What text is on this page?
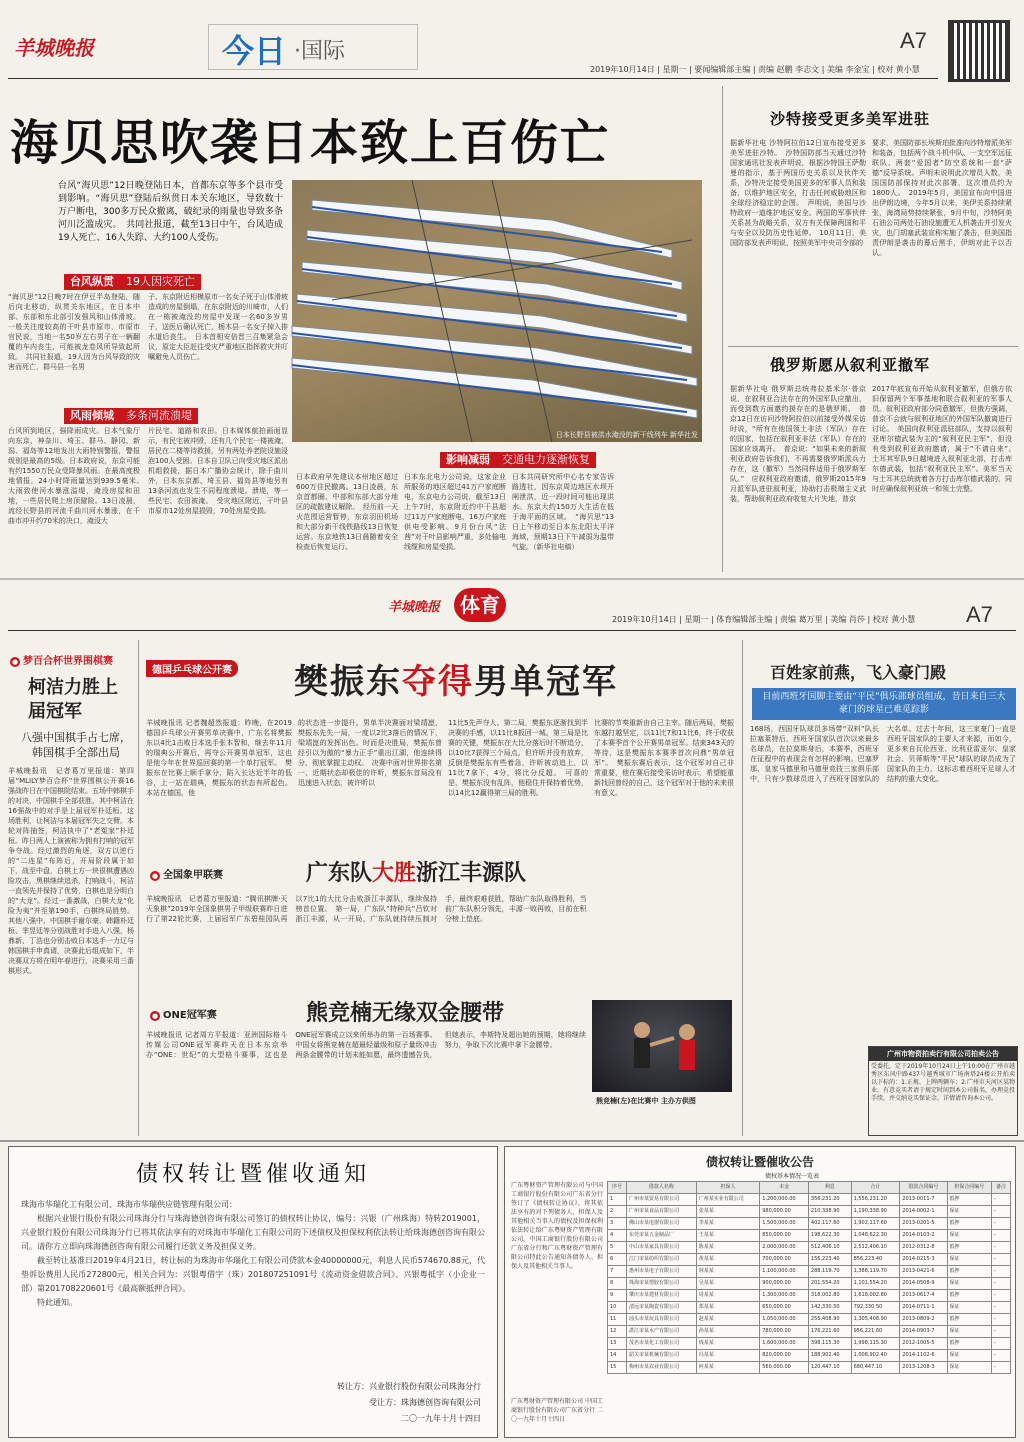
羊城晚报	今日 ·国际	A7
2019年10月14日 | 星期一 | 要闻编辑部主编 | 责编 赵鹏 李志文 | 美编 李金宝 | 校对 黄小慧
海贝思吹袭日本致上百伤亡
台风“海贝思”12日晚登陆日本，首都东京等多个县市受到影响。“海贝思”登陆后纵贯日本关东地区，导致数十万户断电，300多万民众撤离，破纪录的雨量也导致多条河川泛滥成灾。　共同社报道，截至13日中午，台风造成19人死亡、16人失踪、大约100人受伤。
台风纵贯 19人因灾死亡
“海贝思”12日晚7时在伊豆半岛登陆，随后向北移动，纵贯关东地区，在日本中部、东部和东北部引发强风和山体滑坡。一般关注度较高的干叶县市原市，市原市官民说，当地一名50岁左右男子在一辆翻覆的车内丧生，可能被龙卷风所导致起所致。　共同社报道，19人因为台风导致的灾害而死亡，群马县一名男
子、东京附近相模原市一名女子死于山体滑坡造成的房屋倒塌，在东京附近的川崎市，人们在一栋被淹没的房屋中发现一名60多岁男子，送医后确认死亡，栃木县一名女子掉入排水道后丧生。　日本首相安倍晋三召集紧急会议，原定大臣赶往受灾严重地区指挥救灾并叮嘱避免人员伤亡。
风雨倾城 多条河流溃堤
台风所到地区，强降雨成灾。日本气象厅向东京、神奈川、埼玉、群马、静冈、新潟、福岛等12地发出大雨特别警报，警报级别是最高的5级。日本政府说，东京可能有约1550万民众受降暴风雨。在最高度极地情报，24小时降雨量达到939.5毫米。　大雨致使河水暴涨溢堤，淹没房屋和田地，一些居民爬上房顶避险。13日凌晨，流经长野县的河流千曲川河水暴涨，在千曲市冲开约70米的决口，淹没大
片民宅、道路和农田。日本媒体航拍画面显示，有民宅被冲毁，还有几个民宅一楼被淹，居民在二楼等待救援，另有两处养老院设施浸泡100人受困。日本自卫队已向受灾地区派出机组救援，据日本广播协会统计，除千曲川外，日本东京都、埼玉县、福岛县等地另有13条河流也发生不同程度溃堤。溃堤，等一些民宅、农田被淹。　受灾地区附近，干叶县市原市12处房屋损毁，70处房屋受损。
日本长野县被洪水淹没的新干线列车 新华社发
影响减弱 交通电力逐渐恢复
日本政府早先建议本州地区超过600万住民撤离。13日凌晨，东京首都圈、中部和东部大部分地区的疏散建议解除。　经历前一天火范围运营暂停，东京羽田机场和大部分新干线铁路线13日恢复运营。东京地铁13日晨随着安全检查后恢复运行。
日本东北电力公司说，这家企业所服务的地区超过41万户家庭断电，东京电力公司说，截至13日上午7时，东京附近约中干县超过11万户家庭断电，16万户家庭供电受影响。9月份台风“法茜”对干叶县影响严重，多处输电线缆和房屋受损。
日本共同研究所中心名专家告诉路透社，因东京周边地区水坝开闸泄洪，近一段时间可能出现洪水。东京大约150万人生活在低于海平面的区域。　“海贝思”13日上午移动至日本东北阳太平洋海域，预期13日下午减弱为温带气旋。（新华社电稿）
沙特接受更多美军进驻
据新华社电 沙特阿拉伯12日宣布接受更多美军进驻沙特。　沙特国防部当天通过沙特国家通讯社发表声明说，根据沙特国王萨勒曼的指示，基于两国历史关系以及伙伴关系，沙特决定接受美国更多的军事人员和装备，以维护地区安全，打击任何威胁地区和全球经济稳定的企图。　声明说，美国与沙特政府一道维护地区安全。两国的军事伙伴关系甚为战略关系，双方有关保障两国和平与安全以及防历史性延伸。　10月11日，美国防部发表声明说，按照美军中央司令部的
要求，美国防部长埃斯珀批准向沙特增派美军和装备，包括两个战斗机中队、一支空军远征联队、两套“爱国者”防空系统和一套“萨德”反导系统。声明未说明此次增员人数，美国国防部保持对此次部署，这次增员约为1800人。　2019年5月，美国宣布向中国进出伊朗边境，今年5月以来，美伊关系持续紧张，海湾局势持续紧张，9月中旬，沙特阿美石油公司两处石油设施遭无人机袭击并引发火灾，也门胡塞武装宣称实施了袭击，但美国指责伊朗是袭击的幕后黑手，伊朗对此予以否认。
俄罗斯愿从叙利亚撤军
据新华社电 俄罗斯总统弗拉基米尔·普京说，在叙利亚合法存在的外国军队应撤出，而受到数方面邀约援存在的是俄罗斯。　普京12日在访问沙特阿拉伯以前接受外媒采访时说，“所有在他国领土非法（军队）存在的国家，包括在叙利亚非法（军队）存在的国家应该离开。　普京说：“如果未来的新叙利亚政府告诉我们，不再需要俄罗斯派兵力存在，这（撤军）当然同样适用于俄罗斯军队。”　应叙利亚政府邀请，俄罗斯2015年9月派军队进驻叙利亚，协助打击极端主义武装，帮助叙利亚政府收复大片失地，普京
2017年底宣布开始从叙利亚撤军，但俄方依旧保留两个军事基地和联合叙利亚的军事人员。叙利亚政府部分同意撤军，但俄方强调，普京不会就与叙利亚地区的外国军队撤离进行讨论。　美国向叙利亚派驻部队，支持以叙利亚库尔德武装为主的“叙利亚民主军”，但没有受到叙利亚政府邀请，属于“不请自来”。　土耳其军队9日越境进入叙利亚北部，打击库尔德武装，包括“叙利亚民主军”。美军当天与土耳其总统就着各方打击库尔德武装的，同时应确保叙利亚统一和领土完整。
羊城晚报 体育	A7
2019年10月14日 | 星期一 | 体育编辑部主编 | 责编 葛万里 | 美编 肖莎 | 校对 黄小慧
● 梦百合杯世界围棋赛
柯洁力胜上届冠军
八强中国棋手占七席，韩国棋手全部出局
羊城晚报讯　记者葛万里报道：第四届“MLILY梦百合杯”世界围棋公开赛16强战昨日在中国棋院结束。五场中韩棋手的对决，中国棋手全部获胜，其中柯洁在16强战中的对手是上届冠军朴廷桓。这场胜利，让柯洁与本届冠军失之交臂。本轮对阵抽签，柯洁执中了“老冤家”朴廷桓。昨日两人上演被称为拥有打响的冠军争夺战。经过激烈的角逐，双方以逆行的“二连星”布阵后，开局阶段属于如下，战至中盘，白棋上方一块很棋遭遇凶险攻击，黑棋继续追杀，打响战斗，柯洁一直领先并保持了优势，白棋也是分明白的“大龙”。经过一番激战，白棋大龙“化险为夷”并至第190手，白棋终局胜势。其他八强中，中国棋手谢尔豪、韩籍朴廷桓、芈昱廷等分别战胜对手进入八强，杨鼎新、丁浩也分别击败日本选手一力辽与韩国棋手申真谞，决赛此后组成如下，半决赛双方将在明年春进行，决赛采用三番棋形式。
德国乒乓球公开赛 樊振东夺得男单冠军
羊城晚报讯 记者魏超然报道：昨晚，在2019德国乒乓球公开赛男单决赛中，广东名将樊振东以4比1击败日本选手张本智和，继去年11月的瑞典公开赛后，再夺公开赛男单冠军，这也是他今年在世界巡回赛的第一个单打冠军。　樊振东在比赛上顺手拿分，陷入长达近半年的低谷，上一站在瑞典，樊振东的状态有所起色。本站在德国，他
的状态进一步提升。男单半决赛面对梁靖崑，樊振东先失一局，一度以2比3落后的情况下，梁靖崑的发挥出色。时而是决胜局，樊振东曾经引以为傲的“暴力正手”重出江湖，他连续得分，彻底掌握主动权。　决赛中面对世界排名第一、近期状态却极佳的许昕，樊振东首局没有迅速进入状态，被许昕以
11比5先声夺人。第二局，樊振东逐渐找到半决赛的手感，以11比8扳回一城。第三局是比赛的关键，樊振东在大比分落后时不断追分，以10比7获得三个局点。但许昕并没有放弃，反倒是樊振东有些着急，许昕被动追上，以11比7拿下，4分，将比分反超。　可喜的是，樊振东没有乱阵，他稳住并保持着优势，以14比12赢得第三局的胜利。
比赛的节奏重新由自己主宰。随后两局，樊振东越打越坚定，以11比7和11比6，终于收获了本赛季首个公开赛男单冠军。结束343天的等待，这是樊振东本赛季首次问鼎“男单冠军”。　樊振东赛后表示，这个冠军对自己非常重要，他在赛后接受采访时表示，希望能重新找回曾经的自己，这个冠军对于他的未来很有意义。
● 全国象甲联赛	广东队大胜浙江丰源队
羊城晚报讯　记者葛万里报道：“腾讯棋牌·天天象棋”2019年全国象棋男子甲级联赛昨日进行了第22轮比赛，上届冠军广东碧桂园队再以7比1的大比分击败浙江丰源队，继续保持榜首位置。　第一局，广东队“特种兵”吕钦对浙江丰源，从一开局，广东队就持续压制对手，最终艰难获胜，帮助广东队取得胜利，当前广东队积分领先，丰源一败再败，目前在积分榜上垫底。
● ONE冠军赛	熊竞楠无缘双金腰带
羊城晚报讯 记者周方平报道：亚洲国际格斗传媒公司ONE冠军赛昨天在日本东京举办“ONE：世纪”的大型格斗赛事，这也是ONE冠军赛成立以来所举办的第一百场赛事。中国女将熊竞楠在超最轻量级和原子量级冲击两条金腰带的计划未能如愿，最终遗憾告负，但她表示，李斯特及超出她的预期，她将继续努力，争取下次比赛中拿下金腰带。
熊竞楠(左)在比赛中 主办方供图
百姓家前燕，飞入豪门殿
目前西班牙国脚主要由“平民”俱乐部球员组成，昔日来自三大豪门的球星已难觅踪影
168场，西国牙队球员多场带“双料”队长拉塞莱特后，西班牙国家队首次以来最多名球员，在拉莫斯身后，本赛季，西班牙在征程中的表现会有怎样的影响。巴塞罗那、皇家马德里和马德里竞技三家俱乐部中，只有少数球员进入了西班牙国家队的大名单。过去十年间，这三家豪门一直是西班牙国家队的主要人才来源，而如今，更多来自瓦伦西亚、比利亚雷亚尔、皇家社会、贝蒂斯等“平民”球队的球员成为了国家队的主力，这标志着西班牙足球人才结构的重大变化。
广州市物资拍卖行有限公司拍卖公告
受委托，定于2019年10月24日上午10:00在广州市越秀区东风中路437号越秀城市广场南塔24楼公开拍卖以下标的：1.正规、上牌两辆车；2.广州市天河区某物业。有意竞买者请于规定时间到本公司报名，办理竞投手续，并交纳竞买保证金。详情请咨询本公司。
债权转让暨催收通知
珠海市华瑞化工有限公司、珠海市华瑞供应链管理有限公司：
根据兴业银行股份有限公司珠海分行与珠海德创咨询有限公司签订的债权转让协议，编号：兴银（广州珠海）特转2019001，兴业银行股份有限公司珠海分行已将其依法享有的对珠海市华瑞化工有限公司的下述债权及担保权利依法转让给珠海德创咨询有限公司。请你方立即向珠海德创咨询有限公司履行还款义务及担保义务。
截至转让基准日2019年4月21日，转让标的为珠海市华瑞化工有限公司贷款本金40000000元，利息人民币574670.88元，代垫诉讼费用人民币272800元，相关合同为：兴银粤借字（珠）201807251091号《流动资金借款合同》、兴银粤抵字（小企业一部）第201708220601号《最高额抵押合同》。
特此通知。
转让方：兴业银行股份有限公司珠海分行
受让方：珠海德创咨询有限公司
二〇一九年十月十四日
债权转让暨催收公告
债权基本情况一览表
广东粤财资产管理有限公司与中国工商银行股份有限公司广东省分行签订了《债权转让协议》，将其依法享有的对下列债务人、担保人及其他相关当事人的债权及担保权利依法转让给广东粤财资产管理有限公司。中国工商银行股份有限公司广东省分行和广东粤财资产管理有限公司特此公告通知各债务人、担保人及其他相关当事人。
广东粤财资产管理有限公司 中国工商银行股份有限公司广东省分行 二〇一九年十月十四日
序号	借款人名称	担保人	本金	利息	合计	借款合同编号	担保合同编号	备注
1	广州市某贸易有限公司	广州某实业有限公司	1,200,000.00	356,231.20	1,556,231.20	2013-0011-7	抵押	-
2	广州市某食品有限公司	张某某	980,000.00	210,338.90	1,190,338.90	2014-0002-1	保证	-
3	佛山市某电器有限公司	李某某	1,500,000.00	402,117.60	1,902,117.60	2013-0201-5	抵押	-
4	东莞市某五金制品厂	王某某	850,000.00	198,622.30	1,048,622.30	2014-0103-2	保证	-
5	中山市某家具有限公司	陈某某	2,000,000.00	512,406.10	2,512,406.10	2012-0312-8	抵押	-
6	江门市某纺织有限公司	黄某某	700,000.00	156,223.40	856,223.40	2014-0215-3	保证	-
7	惠州市某电子有限公司	林某某	1,100,000.00	288,119.70	1,388,119.70	2013-0421-6	抵押	-
8	珠海市某塑胶有限公司	吴某某	900,000.00	201,554.20	1,101,554.20	2014-0508-9	保证	-
9	肇庆市某建材有限公司	周某某	1,300,000.00	318,002.80	1,618,002.80	2013-0617-4	抵押	-
10	清远市某陶瓷有限公司	郑某某	650,000.00	142,330.50	792,330.50	2014-0711-1	保证	-
11	汕头市某玩具有限公司	赵某某	1,050,000.00	255,408.90	1,305,408.90	2013-0809-2	抵押	-
12	湛江市某水产有限公司	孙某某	780,000.00	176,221.60	956,221.60	2014-0903-7	保证	-
13	茂名市某化工有限公司	钱某某	1,600,000.00	398,115.30	1,998,115.30	2012-1005-5	抵押	-
14	韶关市某机械有限公司	冯某某	820,000.00	188,902.40	1,008,902.40	2014-1102-6	保证	-
15	梅州市某农业有限公司	何某某	560,000.00	120,447.10	680,447.10	2013-1208-3	保证	-
